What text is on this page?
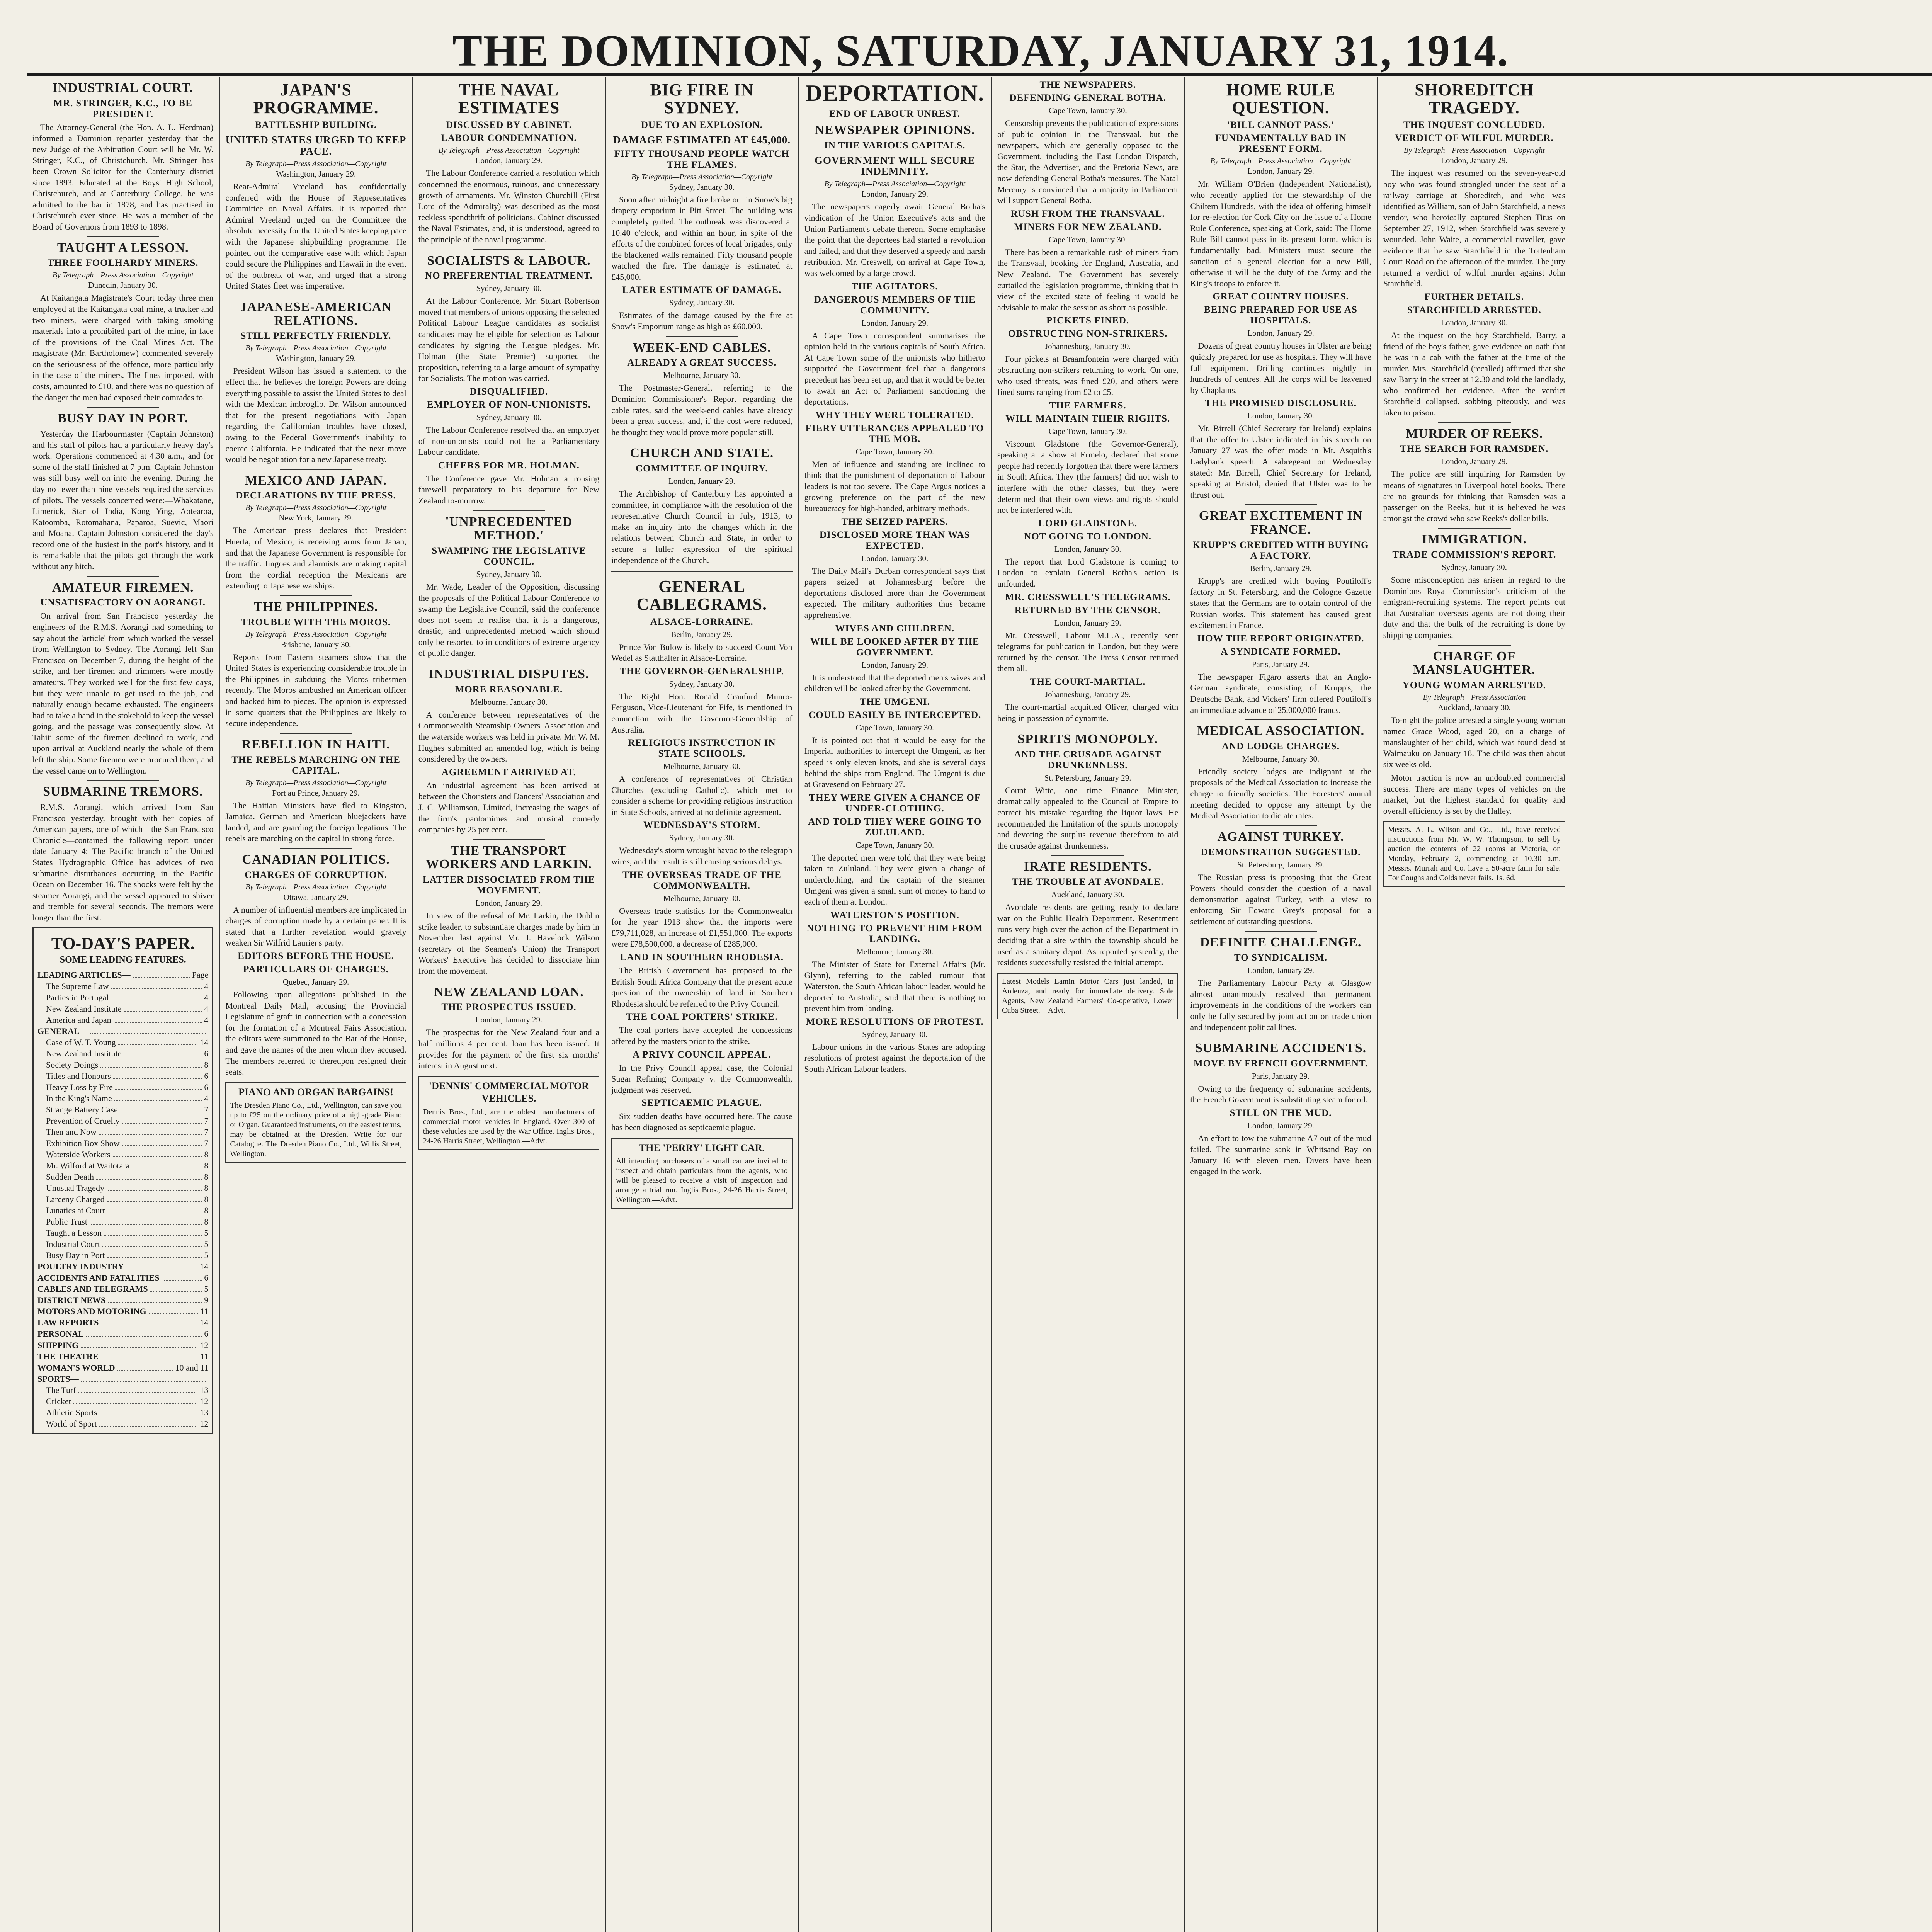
THE DOMINION, SATURDAY, JANUARY 31, 1914.
INDUSTRIAL COURT.
MR. STRINGER, K.C., TO BE PRESIDENT.

The Attorney-General (the Hon. A. L. Herdman) informed a Dominion reporter yesterday that the new Judge of the Arbitration Court will be Mr. W. Stringer, K.C., of Christchurch. Mr. Stringer has been Crown Solicitor for the Canterbury district since 1893. Educated at the Boys' High School, Christchurch, and at Canterbury College, he was admitted to the bar in 1878, and has practised in Christchurch ever since. He was a member of the Board of Governors from 1893 to 1898.

TAUGHT A LESSON.
THREE FOOLHARDY MINERS.
By Telegraph—Press Association—Copyright
Dunedin, January 30.

At Kaitangata Magistrate's Court today three men employed at the Kaitangata coal mine, a trucker and two miners, were charged with taking smoking materials into a prohibited part of the mine, in face of the provisions of the Coal Mines Act. The magistrate (Mr. Bartholomew) commented severely on the seriousness of the offence, more particularly in the case of the miners. The fines imposed, with costs, amounted to £10, and there was no question of the danger the men had exposed their comrades to.

BUSY DAY IN PORT.

Yesterday the Harbourmaster (Captain Johnston) and his staff of pilots had a particularly heavy day's work. Operations commenced at 4.30 a.m., and for some of the staff finished at 7 p.m. Captain Johnston was still busy well on into the evening. During the day no fewer than nine vessels required the services of pilots. The vessels concerned were:—Whakatane, Limerick, Star of India, Kong Ying, Aotearoa, Katoomba, Rotomahana, Paparoa, Suevic, Maori and Moana. Captain Johnston considered the day's record one of the busiest in the port's history, and it is remarkable that the pilots got through the work without any hitch.

AMATEUR FIREMEN.
UNSATISFACTORY ON AORANGI.

On arrival from San Francisco yesterday the engineers of the R.M.S. Aorangi had something to say about the 'article' from which worked the vessel from Wellington to Sydney. The Aorangi left San Francisco on December 7, during the height of the strike, and her firemen and trimmers were mostly amateurs. They worked well for the first few days, but they were unable to get used to the job, and naturally enough became exhausted. The engineers had to take a hand in the stokehold to keep the vessel going, and the passage was consequently slow. At Tahiti some of the firemen declined to work, and upon arrival at Auckland nearly the whole of them left the ship. Some firemen were procured there, and the vessel came on to Wellington.

SUBMARINE TREMORS.

R.M.S. Aorangi, which arrived from San Francisco yesterday, brought with her copies of American papers, one of which—the San Francisco Chronicle—contained the following report under date January 4: The Pacific branch of the United States Hydrographic Office has advices of two submarine disturbances occurring in the Pacific Ocean on December 16. The shocks were felt by the steamer Aorangi, and the vessel appeared to shiver and tremble for several seconds. The tremors were longer than the first.

TO-DAY'S PAPER.
SOME LEADING FEATURES.
LEADING ARTICLES—	Page
The Supreme Law	4
Parties in Portugal	4
New Zealand Institute	4
America and Japan	4
GENERAL—
Case of W. T. Young	14
New Zealand Institute	6
Society Doings	8
Titles and Honours	6
Heavy Loss by Fire	6
In the King's Name	4
Strange Battery Case	7
Prevention of Cruelty	7
Then and Now	7
Exhibition Box Show	7
Waterside Workers	8
Mr. Wilford at Waitotara	8
Sudden Death	8
Unusual Tragedy	8
Larceny Charged	8
Lunatics at Court	8
Public Trust	8
Taught a Lesson	5
Industrial Court	5
Busy Day in Port	5
POULTRY INDUSTRY	14
ACCIDENTS AND FATALITIES	6
CABLES AND TELEGRAMS	5
DISTRICT NEWS	9
MOTORS AND MOTORING	11
LAW REPORTS	14
PERSONAL	6
SHIPPING	12
THE THEATRE	11
WOMAN'S WORLD	10 and 11
SPORTS—
The Turf	13
Cricket	12
Athletic Sports	13
World of Sport	12
JAPAN'S PROGRAMME.
BATTLESHIP BUILDING.
UNITED STATES URGED TO KEEP PACE.
By Telegraph—Press Association—Copyright
Washington, January 29.

Rear-Admiral Vreeland has confidentially conferred with the House of Representatives Committee on Naval Affairs. It is reported that Admiral Vreeland urged on the Committee the absolute necessity for the United States keeping pace with the Japanese shipbuilding programme. He pointed out the comparative ease with which Japan could secure the Philippines and Hawaii in the event of the outbreak of war, and urged that a strong United States fleet was imperative.

JAPANESE-AMERICAN RELATIONS.
STILL PERFECTLY FRIENDLY.
By Telegraph—Press Association—Copyright
Washington, January 29.

President Wilson has issued a statement to the effect that he believes the foreign Powers are doing everything possible to assist the United States to deal with the Mexican imbroglio. Dr. Wilson announced that for the present negotiations with Japan regarding the Californian troubles have closed, owing to the Federal Government's inability to coerce California. He indicated that the next move would be negotiation for a new Japanese treaty.

MEXICO AND JAPAN.
DECLARATIONS BY THE PRESS.
By Telegraph—Press Association—Copyright
New York, January 29.

The American press declares that President Huerta, of Mexico, is receiving arms from Japan, and that the Japanese Government is responsible for the traffic. Jingoes and alarmists are making capital from the cordial reception the Mexicans are extending to Japanese warships.

THE PHILIPPINES.
TROUBLE WITH THE MOROS.
By Telegraph—Press Association—Copyright
Brisbane, January 30.

Reports from Eastern steamers show that the United States is experiencing considerable trouble in the Philippines in subduing the Moros tribesmen recently. The Moros ambushed an American officer and hacked him to pieces. The opinion is expressed in some quarters that the Philippines are likely to secure independence.

REBELLION IN HAITI.
THE REBELS MARCHING ON THE CAPITAL.
By Telegraph—Press Association—Copyright
Port au Prince, January 29.

The Haitian Ministers have fled to Kingston, Jamaica. German and American bluejackets have landed, and are guarding the foreign legations. The rebels are marching on the capital in strong force.

CANADIAN POLITICS.
CHARGES OF CORRUPTION.
By Telegraph—Press Association—Copyright
Ottawa, January 29.

A number of influential members are implicated in charges of corruption made by a certain paper. It is stated that a further revelation would gravely weaken Sir Wilfrid Laurier's party.

EDITORS BEFORE THE HOUSE.
PARTICULARS OF CHARGES.
Quebec, January 29.

Following upon allegations published in the Montreal Daily Mail, accusing the Provincial Legislature of graft in connection with a concession for the formation of a Montreal Fairs Association, the editors were summoned to the Bar of the House, and gave the names of the men whom they accused. The members referred to thereupon resigned their seats.

PIANO AND ORGAN BARGAINS!
The Dresden Piano Co., Ltd., Wellington, can save you up to £25 on the ordinary price of a high-grade Piano or Organ. Guaranteed instruments, on the easiest terms, may be obtained at the Dresden. Write for our Catalogue. The Dresden Piano Co., Ltd., Willis Street, Wellington.
THE NAVAL ESTIMATES
DISCUSSED BY CABINET.
LABOUR CONDEMNATION.
By Telegraph—Press Association—Copyright
London, January 29.

The Labour Conference carried a resolution which condemned the enormous, ruinous, and unnecessary growth of armaments. Mr. Winston Churchill (First Lord of the Admiralty) was described as the most reckless spendthrift of politicians. Cabinet discussed the Naval Estimates, and, it is understood, agreed to the principle of the naval programme.

SOCIALISTS & LABOUR.
NO PREFERENTIAL TREATMENT.
Sydney, January 30.

At the Labour Conference, Mr. Stuart Robertson moved that members of unions opposing the selected Political Labour League candidates as socialist candidates may be eligible for selection as Labour candidates by signing the League pledges. Mr. Holman (the State Premier) supported the proposition, referring to a large amount of sympathy for Socialists. The motion was carried.

DISQUALIFIED.
EMPLOYER OF NON-UNIONISTS.
Sydney, January 30.

The Labour Conference resolved that an employer of non-unionists could not be a Parliamentary Labour candidate.

CHEERS FOR MR. HOLMAN.

The Conference gave Mr. Holman a rousing farewell preparatory to his departure for New Zealand to-morrow.

'UNPRECEDENTED METHOD.'
SWAMPING THE LEGISLATIVE COUNCIL.
Sydney, January 30.

Mr. Wade, Leader of the Opposition, discussing the proposals of the Political Labour Conference to swamp the Legislative Council, said the conference does not seem to realise that it is a dangerous, drastic, and unprecedented method which should only be resorted to in conditions of extreme urgency of public danger.

INDUSTRIAL DISPUTES.
MORE REASONABLE.
Melbourne, January 30.

A conference between representatives of the Commonwealth Steamship Owners' Association and the waterside workers was held in private. Mr. W. M. Hughes submitted an amended log, which is being considered by the owners.

AGREEMENT ARRIVED AT.

An industrial agreement has been arrived at between the Choristers and Dancers' Association and J. C. Williamson, Limited, increasing the wages of the firm's pantomimes and musical comedy companies by 25 per cent.

THE TRANSPORT WORKERS AND LARKIN.
LATTER DISSOCIATED FROM THE MOVEMENT.
London, January 29.

In view of the refusal of Mr. Larkin, the Dublin strike leader, to substantiate charges made by him in November last against Mr. J. Havelock Wilson (secretary of the Seamen's Union) the Transport Workers' Executive has decided to dissociate him from the movement.

NEW ZEALAND LOAN.
THE PROSPECTUS ISSUED.
London, January 29.

The prospectus for the New Zealand four and a half millions 4 per cent. loan has been issued. It provides for the payment of the first six months' interest in August next.

'DENNIS' COMMERCIAL MOTOR VEHICLES.
Dennis Bros., Ltd., are the oldest manufacturers of commercial motor vehicles in England. Over 300 of these vehicles are used by the War Office. Inglis Bros., 24-26 Harris Street, Wellington.—Advt.
BIG FIRE IN SYDNEY.
DUE TO AN EXPLOSION.
DAMAGE ESTIMATED AT £45,000.
FIFTY THOUSAND PEOPLE WATCH THE FLAMES.
By Telegraph—Press Association—Copyright
Sydney, January 30.

Soon after midnight a fire broke out in Snow's big drapery emporium in Pitt Street. The building was completely gutted. The outbreak was discovered at 10.40 o'clock, and within an hour, in spite of the efforts of the combined forces of local brigades, only the blackened walls remained. Fifty thousand people watched the fire. The damage is estimated at £45,000.

LATER ESTIMATE OF DAMAGE.
Sydney, January 30.

Estimates of the damage caused by the fire at Snow's Emporium range as high as £60,000.

WEEK-END CABLES.
ALREADY A GREAT SUCCESS.
Melbourne, January 30.

The Postmaster-General, referring to the Dominion Commissioner's Report regarding the cable rates, said the week-end cables have already been a great success, and, if the cost were reduced, he thought they would prove more popular still.

CHURCH AND STATE.
COMMITTEE OF INQUIRY.
London, January 29.

The Archbishop of Canterbury has appointed a committee, in compliance with the resolution of the representative Church Council in July, 1913, to make an inquiry into the changes which in the relations between Church and State, in order to secure a fuller expression of the spiritual independence of the Church.

GENERAL CABLEGRAMS.
ALSACE-LORRAINE.
Berlin, January 29.

Prince Von Bulow is likely to succeed Count Von Wedel as Statthalter in Alsace-Lorraine.

THE GOVERNOR-GENERALSHIP.
Sydney, January 30.

The Right Hon. Ronald Craufurd Munro-Ferguson, Vice-Lieutenant for Fife, is mentioned in connection with the Governor-Generalship of Australia.

RELIGIOUS INSTRUCTION IN STATE SCHOOLS.
Melbourne, January 30.

A conference of representatives of Christian Churches (excluding Catholic), which met to consider a scheme for providing religious instruction in State Schools, arrived at no definite agreement.

WEDNESDAY'S STORM.
Sydney, January 30.

Wednesday's storm wrought havoc to the telegraph wires, and the result is still causing serious delays.

THE OVERSEAS TRADE OF THE COMMONWEALTH.
Melbourne, January 30.

Overseas trade statistics for the Commonwealth for the year 1913 show that the imports were £79,711,028, an increase of £1,551,000. The exports were £78,500,000, a decrease of £285,000.

LAND IN SOUTHERN RHODESIA.

The British Government has proposed to the British South Africa Company that the present acute question of the ownership of land in Southern Rhodesia should be referred to the Privy Council.

THE COAL PORTERS' STRIKE.

The coal porters have accepted the concessions offered by the masters prior to the strike.

A PRIVY COUNCIL APPEAL.

In the Privy Council appeal case, the Colonial Sugar Refining Company v. the Commonwealth, judgment was reserved.

SEPTICAEMIC PLAGUE.

Six sudden deaths have occurred here. The cause has been diagnosed as septicaemic plague.

THE 'PERRY' LIGHT CAR.
All intending purchasers of a small car are invited to inspect and obtain particulars from the agents, who will be pleased to receive a visit of inspection and arrange a trial run. Inglis Bros., 24-26 Harris Street, Wellington.—Advt.
DEPORTATION.
END OF LABOUR UNREST.
NEWSPAPER OPINIONS.
IN THE VARIOUS CAPITALS.
GOVERNMENT WILL SECURE INDEMNITY.
By Telegraph—Press Association—Copyright
London, January 29.

The newspapers eagerly await General Botha's vindication of the Union Executive's acts and the Union Parliament's debate thereon. Some emphasise the point that the deportees had started a revolution and failed, and that they deserved a speedy and harsh retribution. Mr. Creswell, on arrival at Cape Town, was welcomed by a large crowd.

THE AGITATORS.
DANGEROUS MEMBERS OF THE COMMUNITY.
London, January 29.

A Cape Town correspondent summarises the opinion held in the various capitals of South Africa. At Cape Town some of the unionists who hitherto supported the Government feel that a dangerous precedent has been set up, and that it would be better to await an Act of Parliament sanctioning the deportations.

WHY THEY WERE TOLERATED.
FIERY UTTERANCES APPEALED TO THE MOB.
Cape Town, January 30.

Men of influence and standing are inclined to think that the punishment of deportation of Labour leaders is not too severe. The Cape Argus notices a growing preference on the part of the new bureaucracy for high-handed, arbitrary methods.

THE SEIZED PAPERS.
DISCLOSED MORE THAN WAS EXPECTED.
London, January 30.

The Daily Mail's Durban correspondent says that papers seized at Johannesburg before the deportations disclosed more than the Government expected. The military authorities thus became apprehensive.

WIVES AND CHILDREN.
WILL BE LOOKED AFTER BY THE GOVERNMENT.
London, January 29.

It is understood that the deported men's wives and children will be looked after by the Government.

THE UMGENI.
COULD EASILY BE INTERCEPTED.
Cape Town, January 30.

It is pointed out that it would be easy for the Imperial authorities to intercept the Umgeni, as her speed is only eleven knots, and she is several days behind the ships from England. The Umgeni is due at Gravesend on February 27.

THEY WERE GIVEN A CHANCE OF UNDER-CLOTHING.
AND TOLD THEY WERE GOING TO ZULULAND.
Cape Town, January 30.

The deported men were told that they were being taken to Zululand. They were given a change of underclothing, and the captain of the steamer Umgeni was given a small sum of money to hand to each of them at London.

WATERSTON'S POSITION.
NOTHING TO PREVENT HIM FROM LANDING.
Melbourne, January 30.

The Minister of State for External Affairs (Mr. Glynn), referring to the cabled rumour that Waterston, the South African labour leader, would be deported to Australia, said that there is nothing to prevent him from landing.

MORE RESOLUTIONS OF PROTEST.
Sydney, January 30.

Labour unions in the various States are adopting resolutions of protest against the deportation of the South African Labour leaders.

THE NEWSPAPERS.
DEFENDING GENERAL BOTHA.
Cape Town, January 30.

Censorship prevents the publication of expressions of public opinion in the Transvaal, but the newspapers, which are generally opposed to the Government, including the East London Dispatch, the Star, the Advertiser, and the Pretoria News, are now defending General Botha's measures. The Natal Mercury is convinced that a majority in Parliament will support General Botha.

RUSH FROM THE TRANSVAAL.
MINERS FOR NEW ZEALAND.
Cape Town, January 30.

There has been a remarkable rush of miners from the Transvaal, booking for England, Australia, and New Zealand. The Government has severely curtailed the legislation programme, thinking that in view of the excited state of feeling it would be advisable to make the session as short as possible.

PICKETS FINED.
OBSTRUCTING NON-STRIKERS.
Johannesburg, January 30.

Four pickets at Braamfontein were charged with obstructing non-strikers returning to work. On one, who used threats, was fined £20, and others were fined sums ranging from £2 to £5.

THE FARMERS.
WILL MAINTAIN THEIR RIGHTS.
Cape Town, January 30.

Viscount Gladstone (the Governor-General), speaking at a show at Ermelo, declared that some people had recently forgotten that there were farmers in South Africa. They (the farmers) did not wish to interfere with the other classes, but they were determined that their own views and rights should not be interfered with.

LORD GLADSTONE.
NOT GOING TO LONDON.
London, January 30.

The report that Lord Gladstone is coming to London to explain General Botha's action is unfounded.

MR. CRESSWELL'S TELEGRAMS.
RETURNED BY THE CENSOR.
London, January 29.

Mr. Cresswell, Labour M.L.A., recently sent telegrams for publication in London, but they were returned by the censor. The Press Censor returned them all.

THE COURT-MARTIAL.
Johannesburg, January 29.

The court-martial acquitted Oliver, charged with being in possession of dynamite.

SPIRITS MONOPOLY.
AND THE CRUSADE AGAINST DRUNKENNESS.
St. Petersburg, January 29.

Count Witte, one time Finance Minister, dramatically appealed to the Council of Empire to correct his mistake regarding the liquor laws. He recommended the limitation of the spirits monopoly and devoting the surplus revenue therefrom to aid the crusade against drunkenness.

IRATE RESIDENTS.
THE TROUBLE AT AVONDALE.
Auckland, January 30.

Avondale residents are getting ready to declare war on the Public Health Department. Resentment runs very high over the action of the Department in deciding that a site within the township should be used as a sanitary depot. As reported yesterday, the residents successfully resisted the initial attempt.

Latest Models Lamin Motor Cars just landed, in Ardenza, and ready for immediate delivery. Sole Agents, New Zealand Farmers' Co-operative, Lower Cuba Street.—Advt.
HOME RULE QUESTION.
'BILL CANNOT PASS.'
FUNDAMENTALLY BAD IN PRESENT FORM.
By Telegraph—Press Association—Copyright
London, January 29.

Mr. William O'Brien (Independent Nationalist), who recently applied for the stewardship of the Chiltern Hundreds, with the idea of offering himself for re-election for Cork City on the issue of a Home Rule Conference, speaking at Cork, said: The Home Rule Bill cannot pass in its present form, which is fundamentally bad. Ministers must secure the sanction of a general election for a new Bill, otherwise it will be the duty of the Army and the King's troops to enforce it.

GREAT COUNTRY HOUSES.
BEING PREPARED FOR USE AS HOSPITALS.
London, January 29.

Dozens of great country houses in Ulster are being quickly prepared for use as hospitals. They will have full equipment. Drilling continues nightly in hundreds of centres. All the corps will be leavened by Chaplains.

THE PROMISED DISCLOSURE.
London, January 30.

Mr. Birrell (Chief Secretary for Ireland) explains that the offer to Ulster indicated in his speech on January 27 was the offer made in Mr. Asquith's Ladybank speech. A sabregeant on Wednesday stated: Mr. Birrell, Chief Secretary for Ireland, speaking at Bristol, denied that Ulster was to be thrust out.

GREAT EXCITEMENT IN FRANCE.
KRUPP'S CREDITED WITH BUYING A FACTORY.
Berlin, January 29.

Krupp's are credited with buying Poutiloff's factory in St. Petersburg, and the Cologne Gazette states that the Germans are to obtain control of the Russian works. This statement has caused great excitement in France.

HOW THE REPORT ORIGINATED.
A SYNDICATE FORMED.
Paris, January 29.

The newspaper Figaro asserts that an Anglo-German syndicate, consisting of Krupp's, the Deutsche Bank, and Vickers' firm offered Poutiloff's an immediate advance of 25,000,000 francs.

MEDICAL ASSOCIATION.
AND LODGE CHARGES.
Melbourne, January 30.

Friendly society lodges are indignant at the proposals of the Medical Association to increase the charge to friendly societies. The Foresters' annual meeting decided to oppose any attempt by the Medical Association to dictate rates.

AGAINST TURKEY.
DEMONSTRATION SUGGESTED.
St. Petersburg, January 29.

The Russian press is proposing that the Great Powers should consider the question of a naval demonstration against Turkey, with a view to enforcing Sir Edward Grey's proposal for a settlement of outstanding questions.

DEFINITE CHALLENGE.
TO SYNDICALISM.
London, January 29.

The Parliamentary Labour Party at Glasgow almost unanimously resolved that permanent improvements in the conditions of the workers can only be fully secured by joint action on trade union and independent political lines.

SUBMARINE ACCIDENTS.
MOVE BY FRENCH GOVERNMENT.
Paris, January 29.

Owing to the frequency of submarine accidents, the French Government is substituting steam for oil.

STILL ON THE MUD.
London, January 29.

An effort to tow the submarine A7 out of the mud failed. The submarine sank in Whitsand Bay on January 16 with eleven men. Divers have been engaged in the work.

SHOREDITCH TRAGEDY.
THE INQUEST CONCLUDED.
VERDICT OF WILFUL MURDER.
By Telegraph—Press Association—Copyright
London, January 29.

The inquest was resumed on the seven-year-old boy who was found strangled under the seat of a railway carriage at Shoreditch, and who was identified as William, son of John Starchfield, a news vendor, who heroically captured Stephen Titus on September 27, 1912, when Starchfield was severely wounded. John Waite, a commercial traveller, gave evidence that he saw Starchfield in the Tottenham Court Road on the afternoon of the murder. The jury returned a verdict of wilful murder against John Starchfield.

FURTHER DETAILS.
STARCHFIELD ARRESTED.
London, January 30.

At the inquest on the boy Starchfield, Barry, a friend of the boy's father, gave evidence on oath that he was in a cab with the father at the time of the murder. Mrs. Starchfield (recalled) affirmed that she saw Barry in the street at 12.30 and told the landlady, who confirmed her evidence. After the verdict Starchfield collapsed, sobbing piteously, and was taken to prison.

MURDER OF REEKS.
THE SEARCH FOR RAMSDEN.
London, January 29.

The police are still inquiring for Ramsden by means of signatures in Liverpool hotel books. There are no grounds for thinking that Ramsden was a passenger on the Reeks, but it is believed he was amongst the crowd who saw Reeks's dollar bills.

IMMIGRATION.
TRADE COMMISSION'S REPORT.
Sydney, January 30.

Some misconception has arisen in regard to the Dominions Royal Commission's criticism of the emigrant-recruiting systems. The report points out that Australian overseas agents are not doing their duty and that the bulk of the recruiting is done by shipping companies.

CHARGE OF MANSLAUGHTER.
YOUNG WOMAN ARRESTED.
By Telegraph—Press Association
Auckland, January 30.

To-night the police arrested a single young woman named Grace Wood, aged 20, on a charge of manslaughter of her child, which was found dead at Waimauku on January 18. The child was then about six weeks old.

Motor traction is now an undoubted commercial success. There are many types of vehicles on the market, but the highest standard for quality and overall efficiency is set by the Halley.

Messrs. A. L. Wilson and Co., Ltd., have received instructions from Mr. W. W. Thompson, to sell by auction the contents of 22 rooms at Victoria, on Monday, February 2, commencing at 10.30 a.m. Messrs. Murrah and Co. have a 50-acre farm for sale. For Coughs and Colds never fails. 1s. 6d.
